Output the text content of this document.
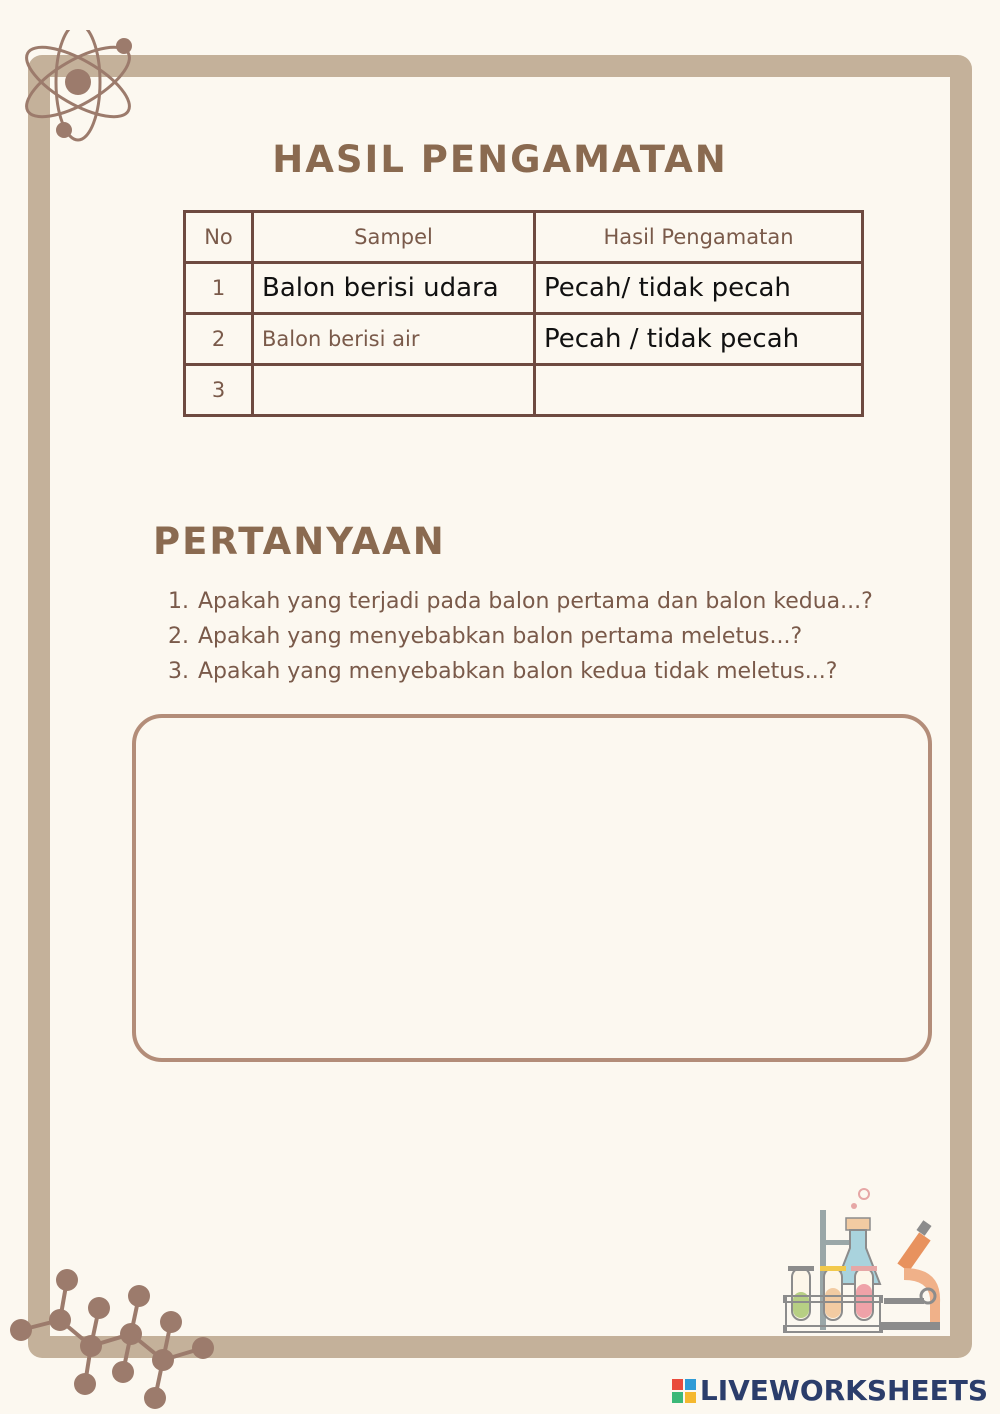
HASIL PENGAMATAN
No	Sampel	Hasil Pengamatan
1	Balon berisi udara	Pecah/ tidak pecah
2	Balon berisi air	Pecah / tidak pecah
3		
PERTANYAAN
1. Apakah yang terjadi pada balon pertama dan balon kedua...?
2. Apakah yang menyebabkan balon pertama meletus...?
3. Apakah yang menyebabkan balon kedua tidak meletus...?
LIVEWORKSHEETS
